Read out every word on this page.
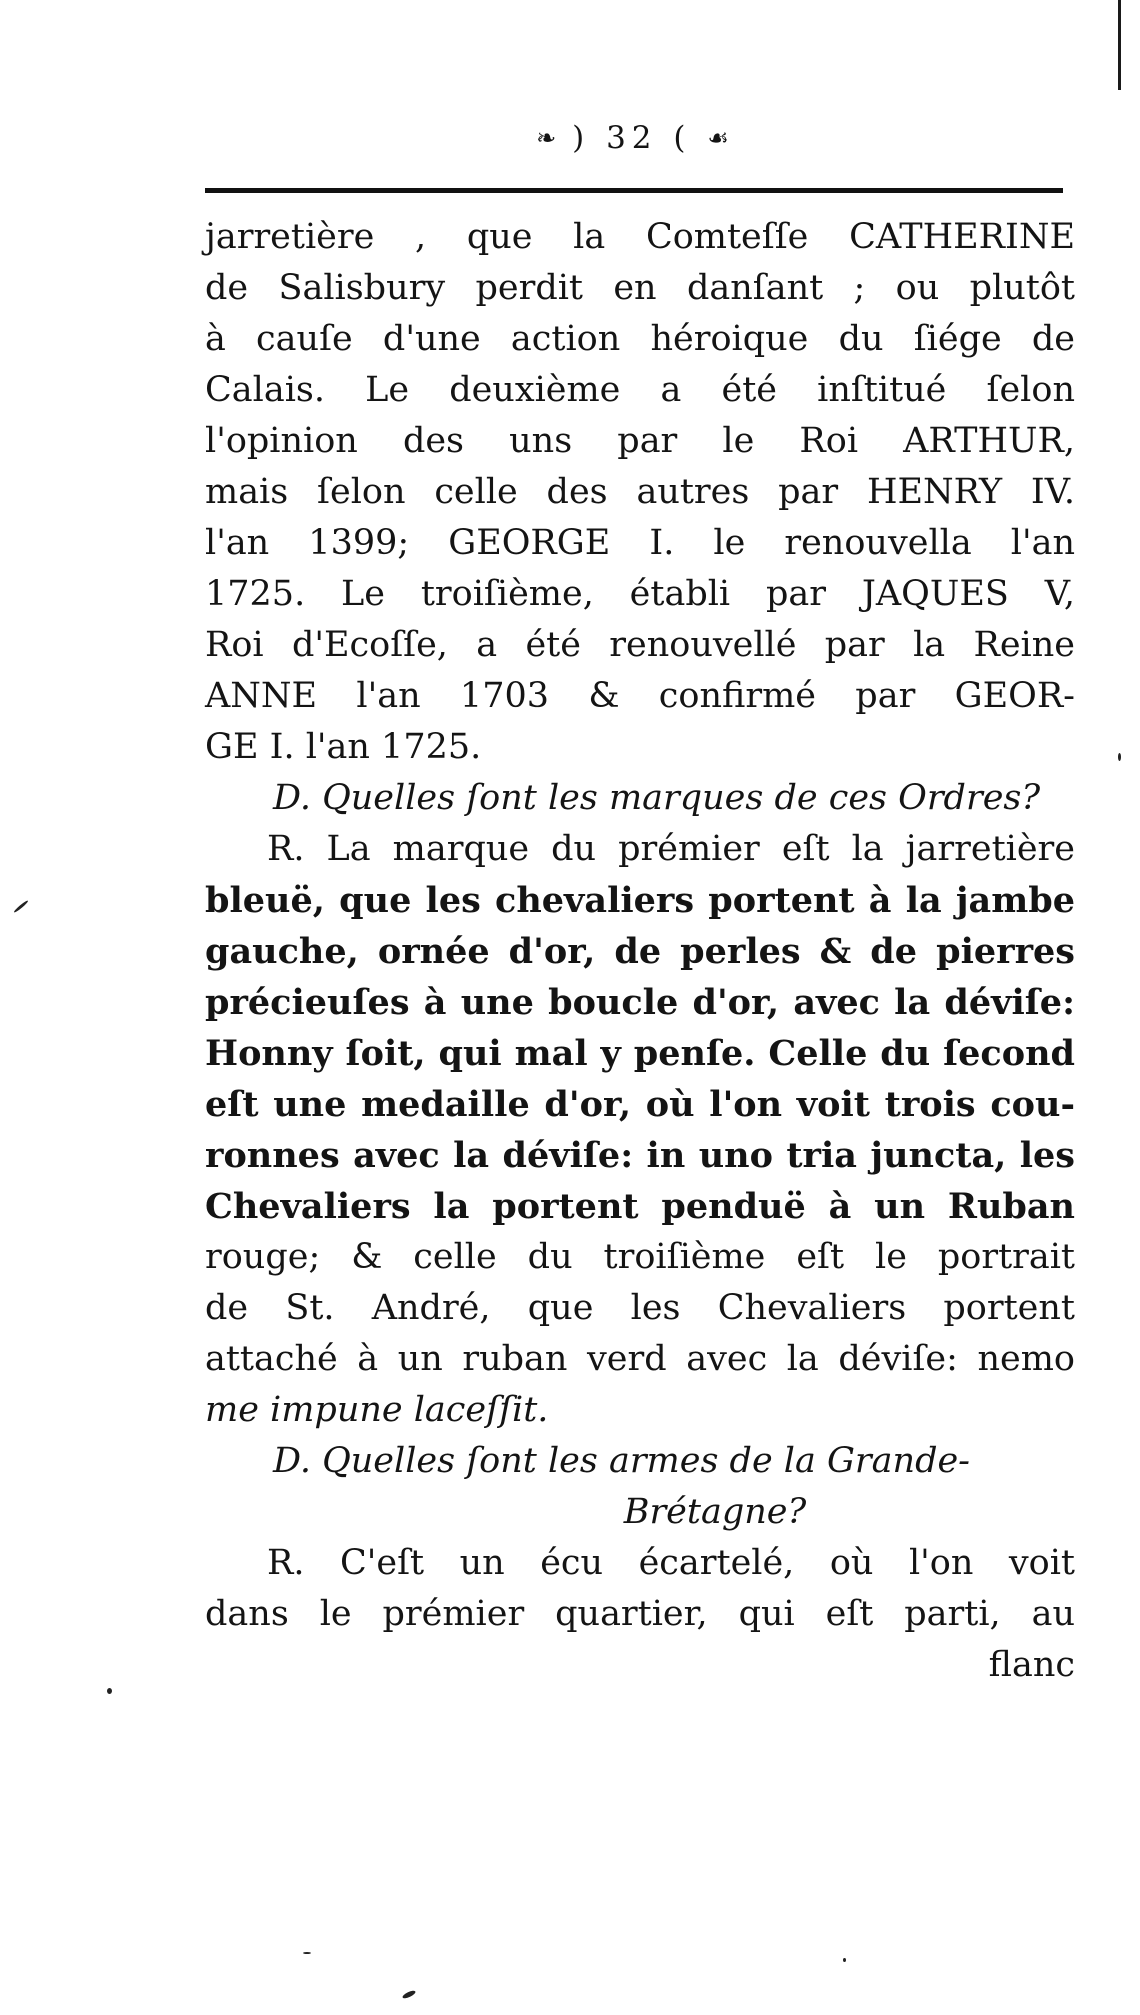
❧ ) 32 ( ☙
jarretière , que la Comteſſe CATHERINE
de Salisbury perdit en danſant ; ou plutôt
à cauſe d'une action héroique du ſiége de
Calais. Le deuxième a été inſtitué ſelon
l'opinion des uns par le Roi ARTHUR,
mais ſelon celle des autres par HENRY IV.
l'an 1399; GEORGE I. le renouvella l'an
1725. Le troiſième, établi par JAQUES V,
Roi d'Ecoſſe, a été renouvellé par la Reine
ANNE l'an 1703 & confirmé par GEOR-
GE I. l'an 1725.
D. Quelles ſont les marques de ces Ordres?
R. La marque du prémier eſt la jarretière
bleuë, que les chevaliers portent à la jambe
gauche, ornée d'or, de perles & de pierres
précieuſes à une boucle d'or, avec la déviſe:
Honny ſoit, qui mal y penſe. Celle du ſecond
eſt une medaille d'or, où l'on voit trois cou-
ronnes avec la déviſe: in uno tria juncta, les
Chevaliers la portent penduë à un Ruban
rouge; & celle du troiſième eſt le portrait
de St. André, que les Chevaliers portent
attaché à un ruban verd avec la déviſe: nemo
me impune laceſſit.
D. Quelles ſont les armes de la Grande-
Brétagne?
R. C'eſt un écu écartelé, où l'on voit
dans le prémier quartier, qui eſt parti, au
flanc
